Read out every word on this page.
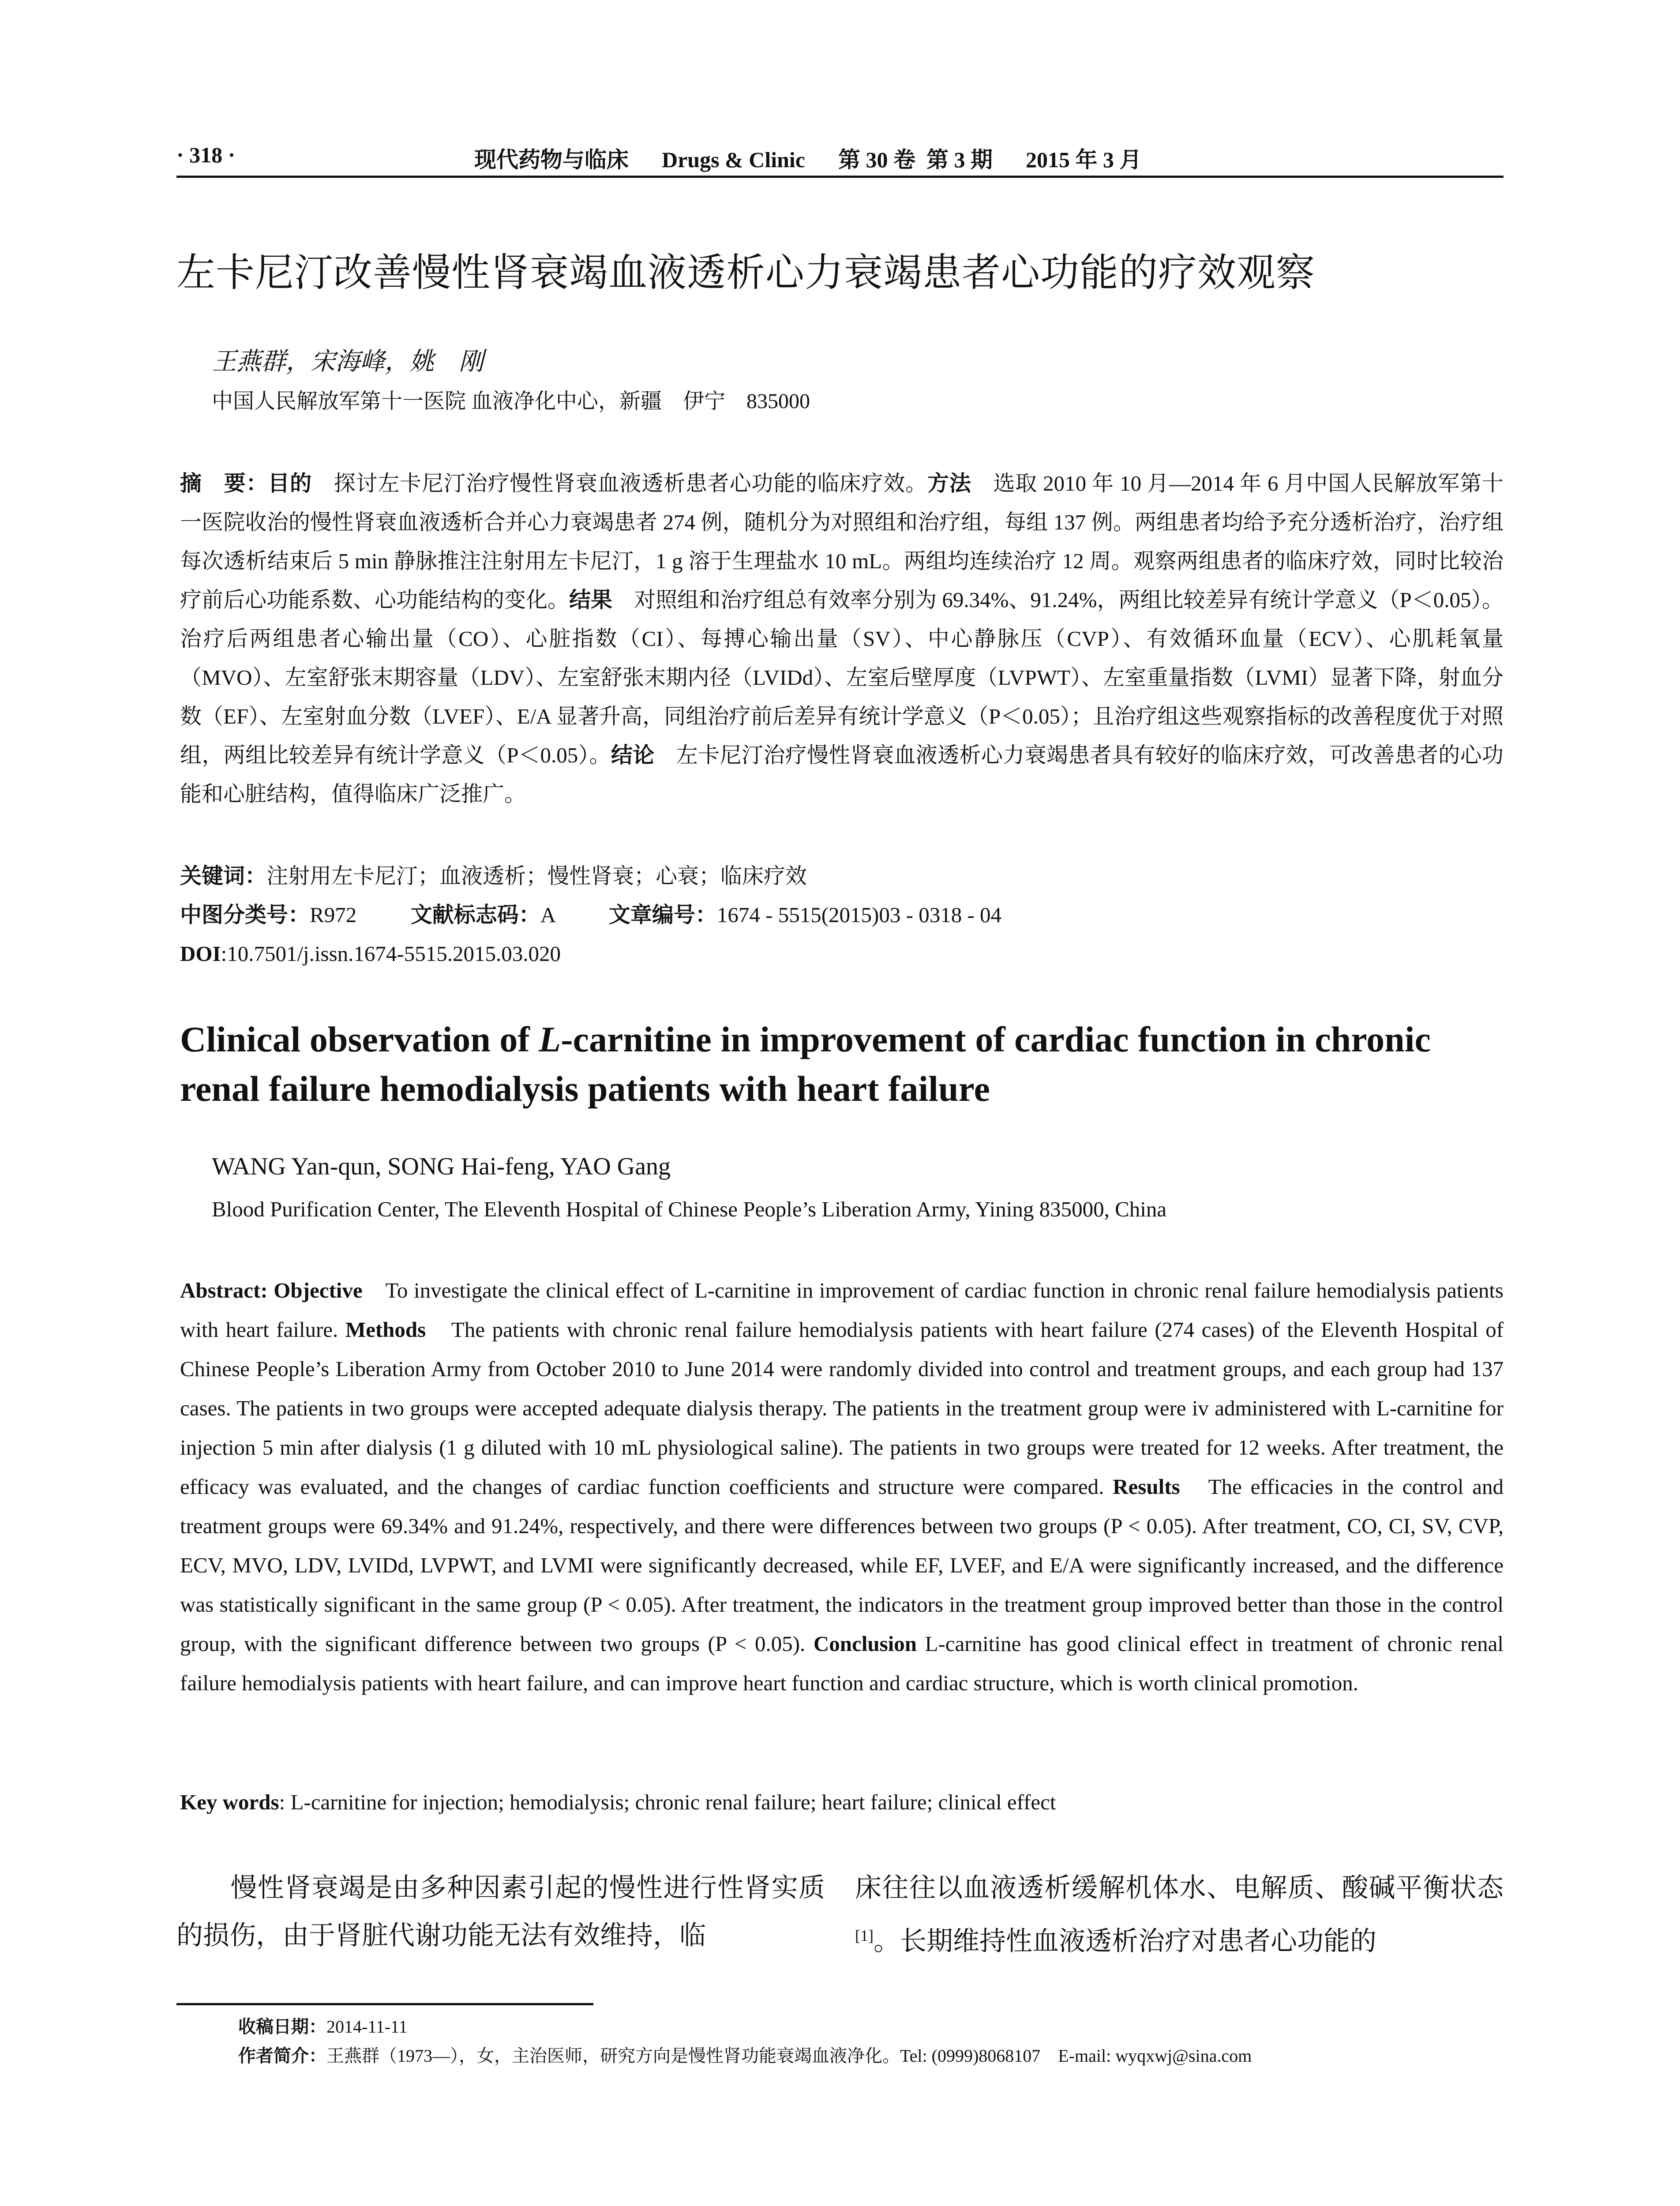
· 318 ·	现代药物与临床      Drugs & Clinic      第 30 卷  第 3 期      2015 年 3 月
左卡尼汀改善慢性肾衰竭血液透析心力衰竭患者心功能的疗效观察
王燕群，宋海峰，姚　刚
中国人民解放军第十一医院 血液净化中心，新疆　伊宁　835000
摘　要：目的　探讨左卡尼汀治疗慢性肾衰血液透析患者心功能的临床疗效。方法　选取 2010 年 10 月—2014 年 6 月中国人民解放军第十一医院收治的慢性肾衰血液透析合并心力衰竭患者 274 例，随机分为对照组和治疗组，每组 137 例。两组患者均给予充分透析治疗，治疗组每次透析结束后 5 min 静脉推注注射用左卡尼汀，1 g 溶于生理盐水 10 mL。两组均连续治疗 12 周。观察两组患者的临床疗效，同时比较治疗前后心功能系数、心功能结构的变化。结果　对照组和治疗组总有效率分别为 69.34%、91.24%，两组比较差异有统计学意义（P＜0.05）。治疗后两组患者心输出量（CO）、心脏指数（CI）、每搏心输出量（SV）、中心静脉压（CVP）、有效循环血量（ECV）、心肌耗氧量（MVO）、左室舒张末期容量（LDV）、左室舒张末期内径（LVIDd）、左室后壁厚度（LVPWT）、左室重量指数（LVMI）显著下降，射血分数（EF）、左室射血分数（LVEF）、E/A 显著升高，同组治疗前后差异有统计学意义（P＜0.05）；且治疗组这些观察指标的改善程度优于对照组，两组比较差异有统计学意义（P＜0.05）。结论　左卡尼汀治疗慢性肾衰血液透析心力衰竭患者具有较好的临床疗效，可改善患者的心功能和心脏结构，值得临床广泛推广。
关键词：注射用左卡尼汀；血液透析；慢性肾衰；心衰；临床疗效
中图分类号：R972	文献标志码：A	文章编号：1674 - 5515(2015)03 - 0318 - 04
DOI:10.7501/j.issn.1674-5515.2015.03.020
Clinical observation of L-carnitine in improvement of cardiac function in chronic renal failure hemodialysis patients with heart failure
WANG Yan-qun, SONG Hai-feng, YAO Gang
Blood Purification Center, The Eleventh Hospital of Chinese People’s Liberation Army, Yining 835000, China
Abstract: Objective　To investigate the clinical effect of L-carnitine in improvement of cardiac function in chronic renal failure hemodialysis patients with heart failure. Methods　The patients with chronic renal failure hemodialysis patients with heart failure (274 cases) of the Eleventh Hospital of Chinese People’s Liberation Army from October 2010 to June 2014 were randomly divided into control and treatment groups, and each group had 137 cases. The patients in two groups were accepted adequate dialysis therapy. The patients in the treatment group were iv administered with L-carnitine for injection 5 min after dialysis (1 g diluted with 10 mL physiological saline). The patients in two groups were treated for 12 weeks. After treatment, the efficacy was evaluated, and the changes of cardiac function coefficients and structure were compared. Results　The efficacies in the control and treatment groups were 69.34% and 91.24%, respectively, and there were differences between two groups (P < 0.05). After treatment, CO, CI, SV, CVP, ECV, MVO, LDV, LVIDd, LVPWT, and LVMI were significantly decreased, while EF, LVEF, and E/A were significantly increased, and the difference was statistically significant in the same group (P < 0.05). After treatment, the indicators in the treatment group improved better than those in the control group, with the significant difference between two groups (P < 0.05). Conclusion L-carnitine has good clinical effect in treatment of chronic renal failure hemodialysis patients with heart failure, and can improve heart function and cardiac structure, which is worth clinical promotion.
Key words: L-carnitine for injection; hemodialysis; chronic renal failure; heart failure; clinical effect
　　慢性肾衰竭是由多种因素引起的慢性进行性肾实质的损伤，由于肾脏代谢功能无法有效维持，临
床往往以血液透析缓解机体水、电解质、酸碱平衡状态[1]。长期维持性血液透析治疗对患者心功能的
收稿日期：2014-11-11
作者简介：王燕群（1973—），女，主治医师，研究方向是慢性肾功能衰竭血液净化。Tel: (0999)8068107　E-mail: wyqxwj@sina.com
